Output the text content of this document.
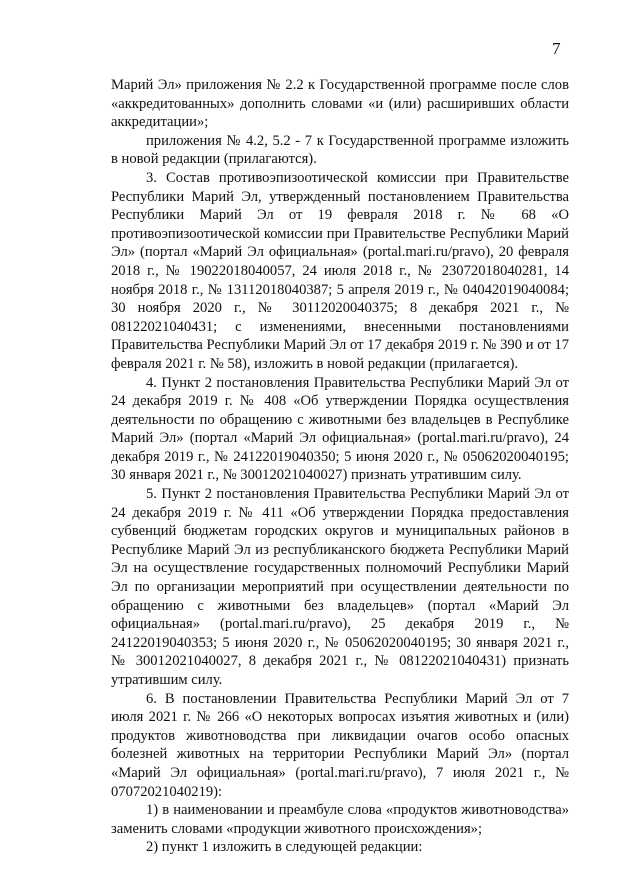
7

Марий Эл» приложения № 2.2 к Государственной программе после слов «аккредитованных» дополнить словами «и (или) расширивших области аккредитации»;

приложения № 4.2, 5.2 - 7 к Государственной программе изложить в новой редакции (прилагаются).

3. Состав противоэпизоотической комиссии при Правительстве Республики Марий Эл, утвержденный постановлением Правительства Республики Марий Эл от 19 февраля 2018 г. № 68 «О противоэпизоотической комиссии при Правительстве Республики Марий Эл» (портал «Марий Эл официальная» (portal.mari.ru/pravo), 20 февраля 2018 г., № 19022018040057, 24 июля 2018 г., № 23072018040281, 14 ноября 2018 г., № 13112018040387; 5 апреля 2019 г., № 04042019040084; 30 ноября 2020 г., № 30112020040375; 8 декабря 2021 г., № 08122021040431; с изменениями, внесенными постановлениями Правительства Республики Марий Эл от 17 декабря 2019 г. № 390 и от 17 февраля 2021 г. № 58), изложить в новой редакции (прилагается).

4. Пункт 2 постановления Правительства Республики Марий Эл от 24 декабря 2019 г. № 408 «Об утверждении Порядка осуществления деятельности по обращению с животными без владельцев в Республике Марий Эл» (портал «Марий Эл официальная» (portal.mari.ru/pravo), 24 декабря 2019 г., № 24122019040350; 5 июня 2020 г., № 05062020040195; 30 января 2021 г., № 30012021040027) признать утратившим силу.

5. Пункт 2 постановления Правительства Республики Марий Эл от 24 декабря 2019 г. № 411 «Об утверждении Порядка предоставления субвенций бюджетам городских округов и муниципальных районов в Республике Марий Эл из республиканского бюджета Республики Марий Эл на осуществление государственных полномочий Республики Марий Эл по организации мероприятий при осуществлении деятельности по обращению с животными без владельцев» (портал «Марий Эл официальная» (portal.mari.ru/pravo), 25 декабря 2019 г., № 24122019040353; 5 июня 2020 г., № 05062020040195; 30 января 2021 г., № 30012021040027, 8 декабря 2021 г., № 08122021040431) признать утратившим силу.

6. В постановлении Правительства Республики Марий Эл от 7 июля 2021 г. № 266 «О некоторых вопросах изъятия животных и (или) продуктов животноводства при ликвидации очагов особо опасных болезней животных на территории Республики Марий Эл» (портал «Марий Эл официальная» (portal.mari.ru/pravo), 7 июля 2021 г., № 07072021040219):

1) в наименовании и преамбуле слова «продуктов животноводства» заменить словами «продукции животного происхождения»;

2) пункт 1 изложить в следующей редакции:
